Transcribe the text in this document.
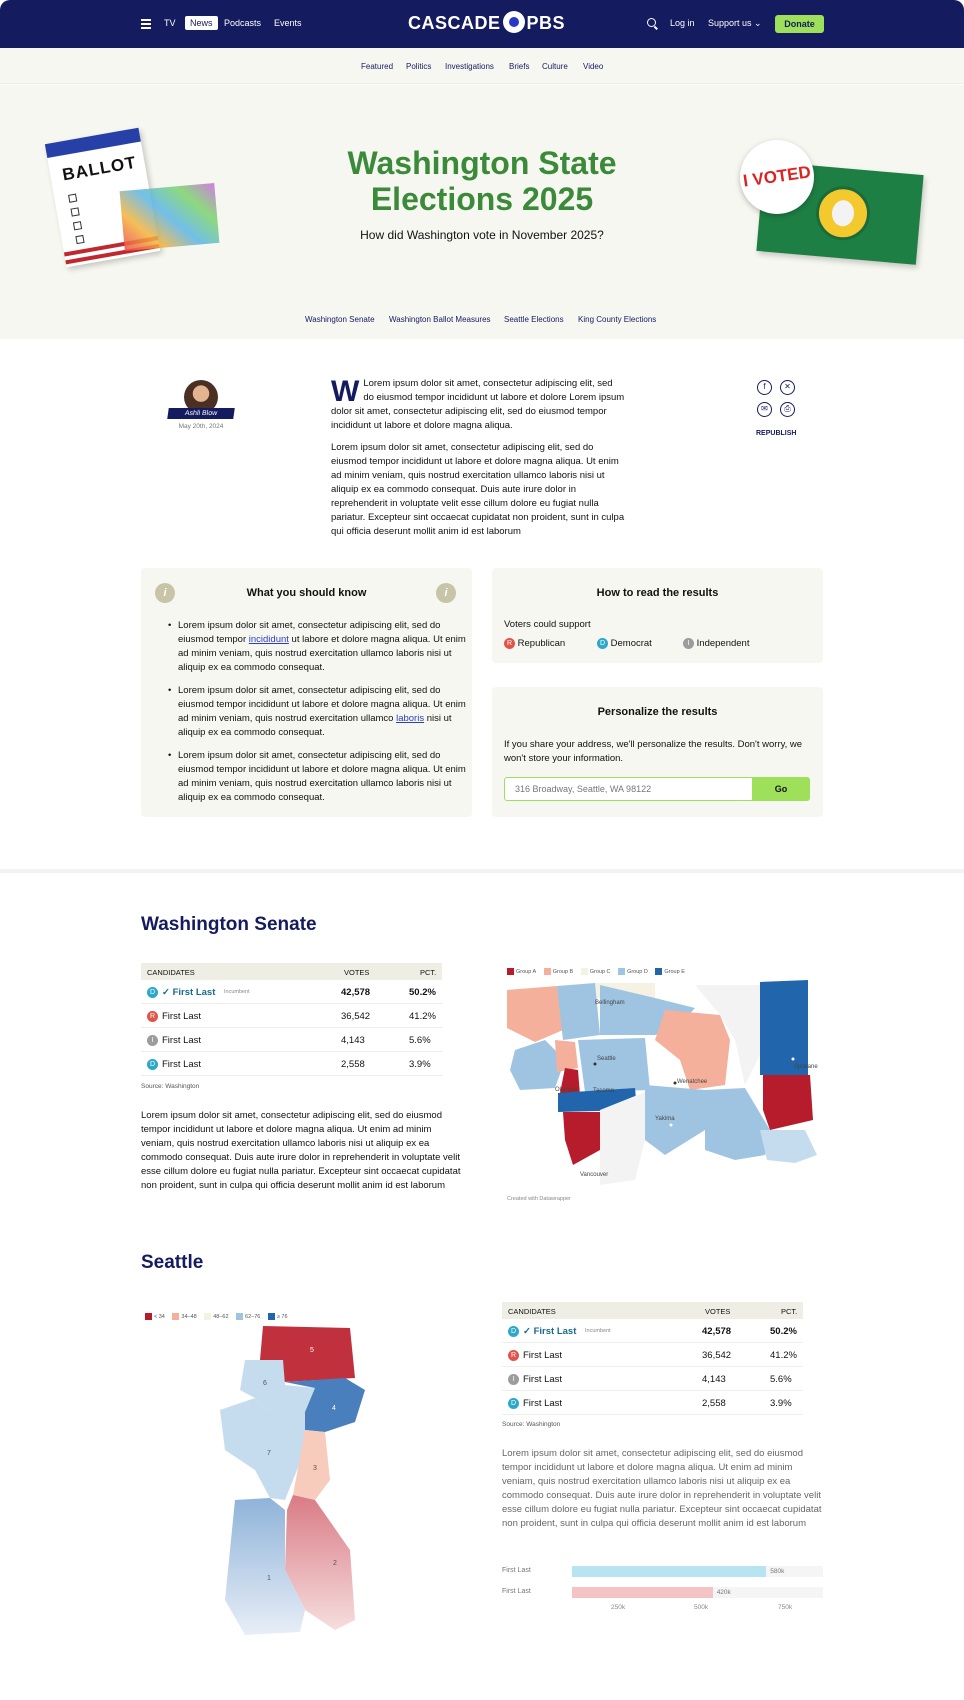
TV	News	Podcasts Events	CASCADE PBS	Log in Support us ⌄	Donate
Featured Politics Investigations Briefs Culture Video
Washington State
Elections 2025
How did Washington vote in November 2025?
Washington Senate Washington Ballot Measures Seattle Elections King County Elections
BALLOT	I VOTED
Ashli Blow
May 20th, 2024

W Lorem ipsum dolor sit amet, consectetur adipiscing elit, sed do eiusmod tempor incididunt ut labore et dolore Lorem ipsum dolor sit amet, consectetur adipiscing elit, sed do eiusmod tempor incididunt ut labore et dolore magna aliqua.

Lorem ipsum dolor sit amet, consectetur adipiscing elit, sed do eiusmod tempor incididunt ut labore et dolore magna aliqua. Ut enim ad minim veniam, quis nostrud exercitation ullamco laboris nisi ut aliquip ex ea commodo consequat. Duis aute irure dolor in reprehenderit in voluptate velit esse cillum dolore eu fugiat nulla pariatur. Excepteur sint occaecat cupidatat non proident, sunt in culpa qui officia deserunt mollit anim id est laborum

f	✕
✉	⎙
REPUBLISH
i	i
What you should know
• Lorem ipsum dolor sit amet, consectetur adipiscing elit, sed do eiusmod tempor incididunt ut labore et dolore magna aliqua. Ut enim ad minim veniam, quis nostrud exercitation ullamco laboris nisi ut aliquip ex ea commodo consequat.
• Lorem ipsum dolor sit amet, consectetur adipiscing elit, sed do eiusmod tempor incididunt ut labore et dolore magna aliqua. Ut enim ad minim veniam, quis nostrud exercitation ullamco laboris nisi ut aliquip ex ea commodo consequat.
• Lorem ipsum dolor sit amet, consectetur adipiscing elit, sed do eiusmod tempor incididunt ut labore et dolore magna aliqua. Ut enim ad minim veniam, quis nostrud exercitation ullamco laboris nisi ut aliquip ex ea commodo consequat.
How to read the results
Voters could support
R Republican	D Democrat	I Independent
Personalize the results
If you share your address, we'll personalize the results. Don't worry, we won't store your information.
316 Broadway, Seattle, WA 98122	Go
Washington Senate
CANDIDATES	VOTES	PCT.
D ✓ First Last Incumbent	42,578	50.2%
R First Last	36,542	41.2%
I First Last	4,143	5.6%
D First Last	2,558	3.9%
Source: Washington
Lorem ipsum dolor sit amet, consectetur adipiscing elit, sed do eiusmod tempor incididunt ut labore et dolore magna aliqua. Ut enim ad minim veniam, quis nostrud exercitation ullamco laboris nisi ut aliquip ex ea commodo consequat. Duis aute irure dolor in reprehenderit in voluptate velit esse cillum dolore eu fugiat nulla pariatur. Excepteur sint occaecat cupidatat non proident, sunt in culpa qui officia deserunt mollit anim id est laborum
Group A	Group B	Group C	Group D	Group E
Bellingham
Seattle
Olympia	Tacoma
Wenatchee
Spokane
Yakima
Vancouver
Created with Datawrapper
Seattle
< 34	34–48	48–62	62–76	≥ 76
5
6
4
7
3
2
1
CANDIDATES	VOTES	PCT.
D ✓ First Last Incumbent	42,578	50.2%
R First Last	36,542	41.2%
I First Last	4,143	5.6%
D First Last	2,558	3.9%
Source: Washington
Lorem ipsum dolor sit amet, consectetur adipiscing elit, sed do eiusmod tempor incididunt ut labore et dolore magna aliqua. Ut enim ad minim veniam, quis nostrud exercitation ullamco laboris nisi ut aliquip ex ea commodo consequat. Duis aute irure dolor in reprehenderit in voluptate velit esse cillum dolore eu fugiat nulla pariatur. Excepteur sint occaecat cupidatat non proident, sunt in culpa qui officia deserunt mollit anim id est laborum
First Last
First Last
580k
420k
250k	500k	750k
